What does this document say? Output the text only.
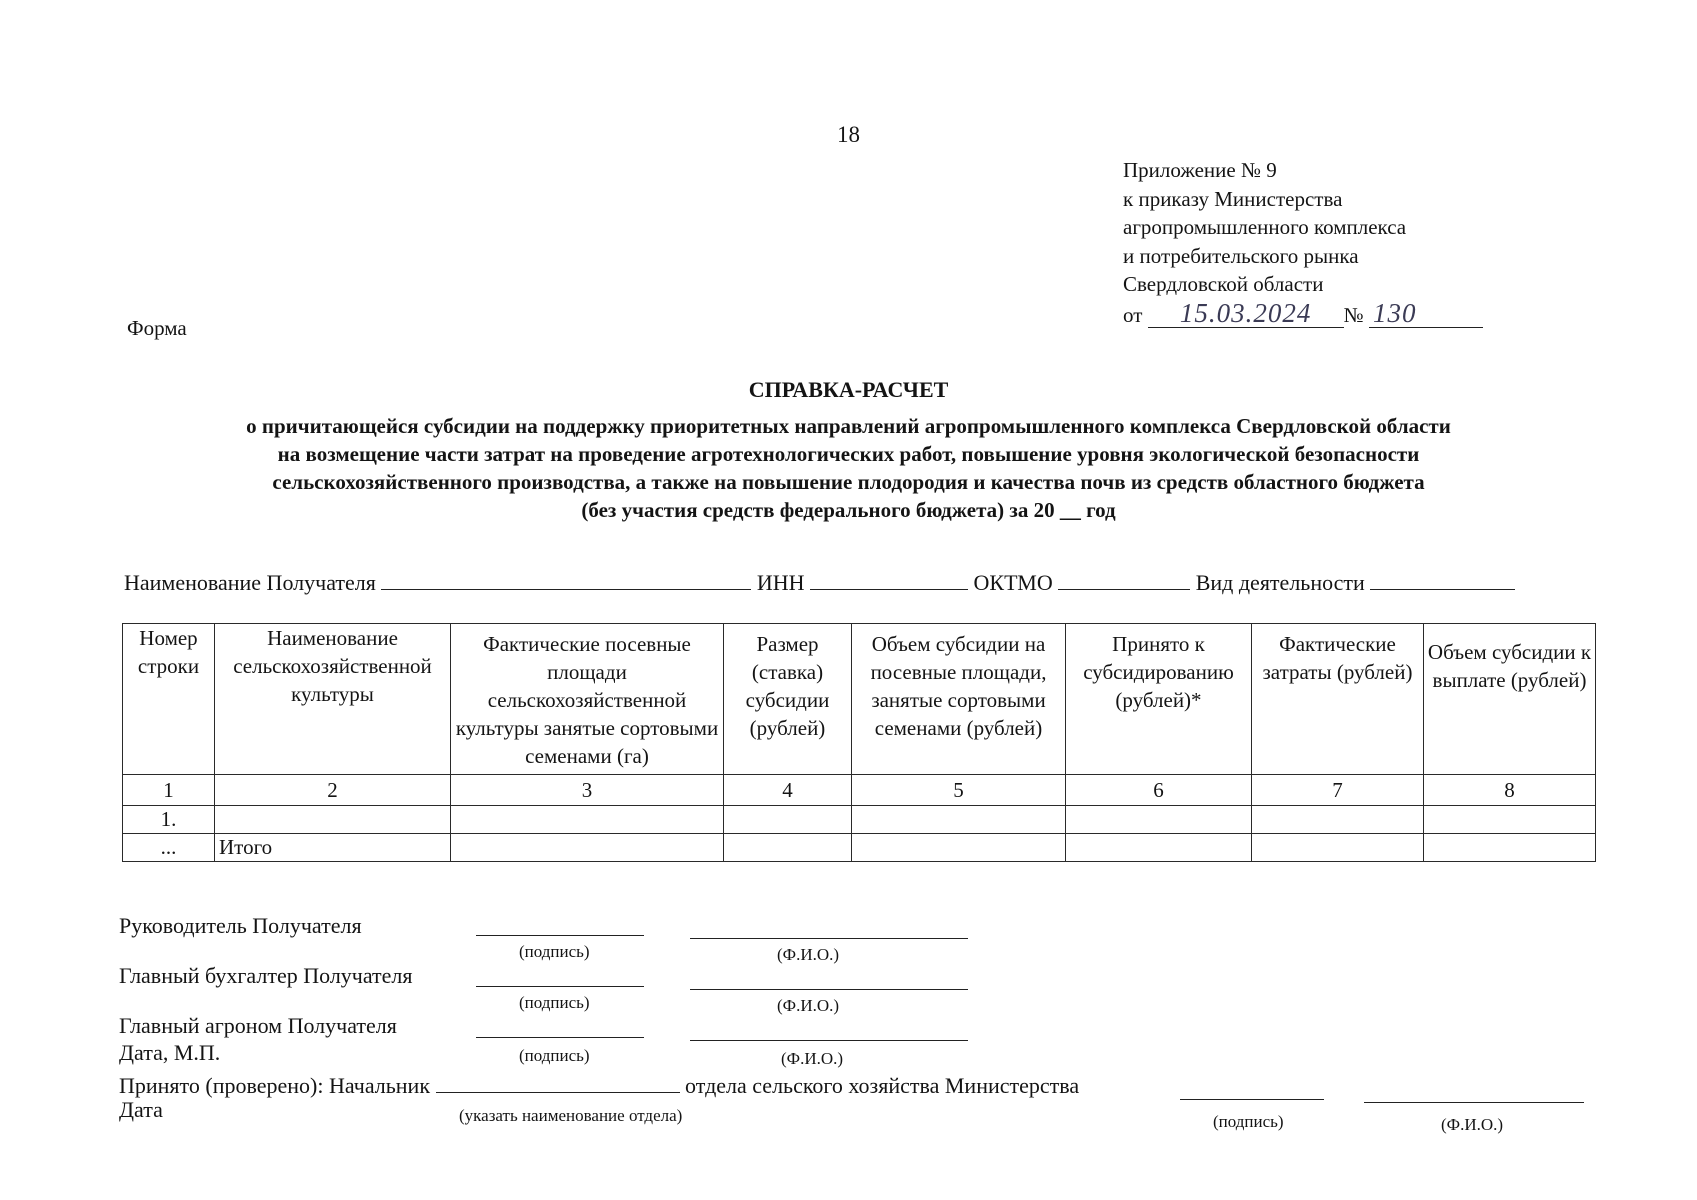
18
Приложение № 9
к приказу Министерства
агропромышленного комплекса
и потребительского рынка
Свердловской области
от 15.03.2024 № 130
Форма
СПРАВКА-РАСЧЕТ
о причитающейся субсидии на поддержку приоритетных направлений агропромышленного комплекса Свердловской области
на возмещение части затрат на проведение агротехнологических работ, повышение уровня экологической безопасности
сельскохозяйственного производства, а также на повышение плодородия и качества почв из средств областного бюджета
(без участия средств федерального бюджета) за 20 __ год
Наименование Получателя	ИНН	ОКТМО	Вид деятельности
Номер строки	Наименование сельскохозяйственной культуры	Фактические посевные площади сельскохозяйственной культуры занятые сортовыми семенами (га)	Размер (ставка) субсидии (рублей)	Объем субсидии на посевные площади, занятые сортовыми семенами (рублей)	Принято к субсидированию (рублей)*	Фактические затраты (рублей)	Объем субсидии к выплате (рублей)
1	2	3	4	5	6	7	8
1.							
...	Итого						
Руководитель Получателя
(подпись)	(Ф.И.О.)
Главный бухгалтер Получателя
(подпись)	(Ф.И.О.)
Главный агроном Получателя
Дата, М.П.	(подпись)	(Ф.И.О.)
Принято (проверено): Начальник	отдела сельского хозяйства Министерства
Дата	(указать наименование отдела)	(подпись)	(Ф.И.О.)
